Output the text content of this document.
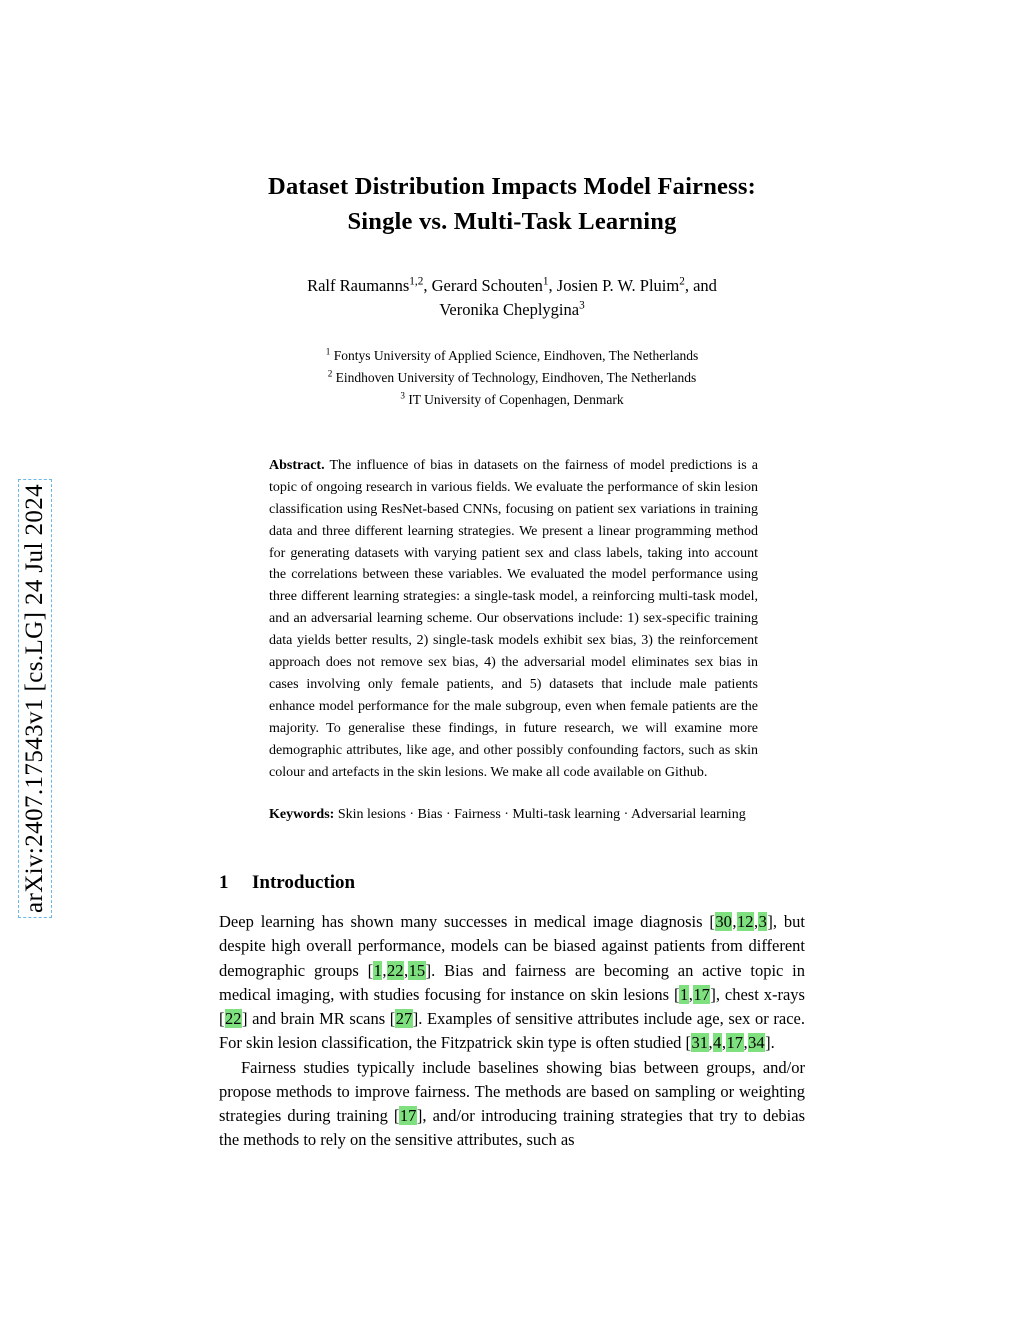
arXiv:2407.17543v1 [cs.LG] 24 Jul 2024
Dataset Distribution Impacts Model Fairness:
Single vs. Multi-Task Learning
Ralf Raumanns$^{1,2}$, Gerard Schouten$^1$, Josien P. W. Pluim$^2$, and
Veronika Cheplygina$^3$
$^1$ Fontys University of Applied Science, Eindhoven, The Netherlands
$^2$ Eindhoven University of Technology, Eindhoven, The Netherlands
$^3$ IT University of Copenhagen, Denmark
Abstract. The influence of bias in datasets on the fairness of model predictions is a topic of ongoing research in various fields. We evaluate the performance of skin lesion classification using ResNet-based CNNs, focusing on patient sex variations in training data and three different learning strategies. We present a linear programming method for generating datasets with varying patient sex and class labels, taking into account the correlations between these variables. We evaluated the model performance using three different learning strategies: a single-task model, a reinforcing multi-task model, and an adversarial learning scheme. Our observations include: 1) sex-specific training data yields better results, 2) single-task models exhibit sex bias, 3) the reinforcement approach does not remove sex bias, 4) the adversarial model eliminates sex bias in cases involving only female patients, and 5) datasets that include male patients enhance model performance for the male subgroup, even when female patients are the majority. To generalise these findings, in future research, we will examine more demographic attributes, like age, and other possibly confounding factors, such as skin colour and artefacts in the skin lesions. We make all code available on Github.
Keywords: Skin lesions · Bias · Fairness · Multi-task learning · Adversarial learning
1 Introduction

Deep learning has shown many successes in medical image diagnosis [30,12,3], but despite high overall performance, models can be biased against patients from different demographic groups [1,22,15]. Bias and fairness are becoming an active topic in medical imaging, with studies focusing for instance on skin lesions [1,17], chest x-rays [22] and brain MR scans [27]. Examples of sensitive attributes include age, sex or race. For skin lesion classification, the Fitzpatrick skin type is often studied [31,4,17,34].

Fairness studies typically include baselines showing bias between groups, and/or propose methods to improve fairness. The methods are based on sampling or weighting strategies during training [17], and/or introducing training strategies that try to debias the methods to rely on the sensitive attributes, such as
